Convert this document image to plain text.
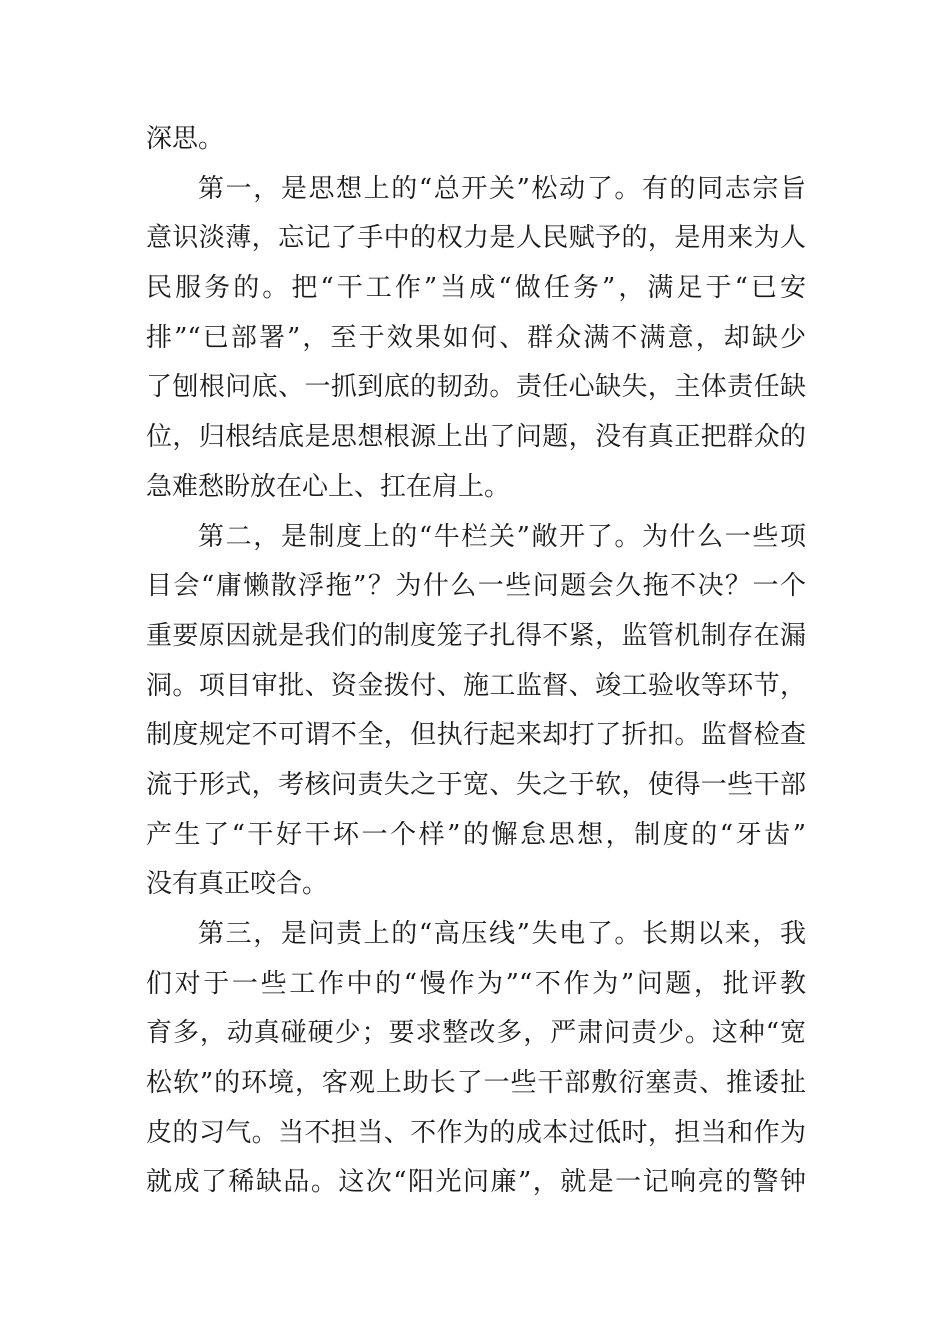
深思。
第一，是思想上的“总开关”松动了。有的同志宗旨
意识淡薄，忘记了手中的权力是人民赋予的，是用来为人
民服务的。把“干工作”当成“做任务”，满足于“已安
排”“已部署”，至于效果如何、群众满不满意，却缺少
了刨根问底、一抓到底的韧劲。责任心缺失，主体责任缺
位，归根结底是思想根源上出了问题，没有真正把群众的
急难愁盼放在心上、扛在肩上。
第二，是制度上的“牛栏关”敞开了。为什么一些项
目会“庸懒散浮拖”？为什么一些问题会久拖不决？一个
重要原因就是我们的制度笼子扎得不紧，监管机制存在漏
洞。项目审批、资金拨付、施工监督、竣工验收等环节，
制度规定不可谓不全，但执行起来却打了折扣。监督检查
流于形式，考核问责失之于宽、失之于软，使得一些干部
产生了“干好干坏一个样”的懈怠思想，制度的“牙齿”
没有真正咬合。
第三，是问责上的“高压线”失电了。长期以来，我
们对于一些工作中的“慢作为”“不作为”问题，批评教
育多，动真碰硬少；要求整改多，严肃问责少。这种“宽
松软”的环境，客观上助长了一些干部敷衍塞责、推诿扯
皮的习气。当不担当、不作为的成本过低时，担当和作为
就成了稀缺品。这次“阳光问廉”，就是一记响亮的警钟
